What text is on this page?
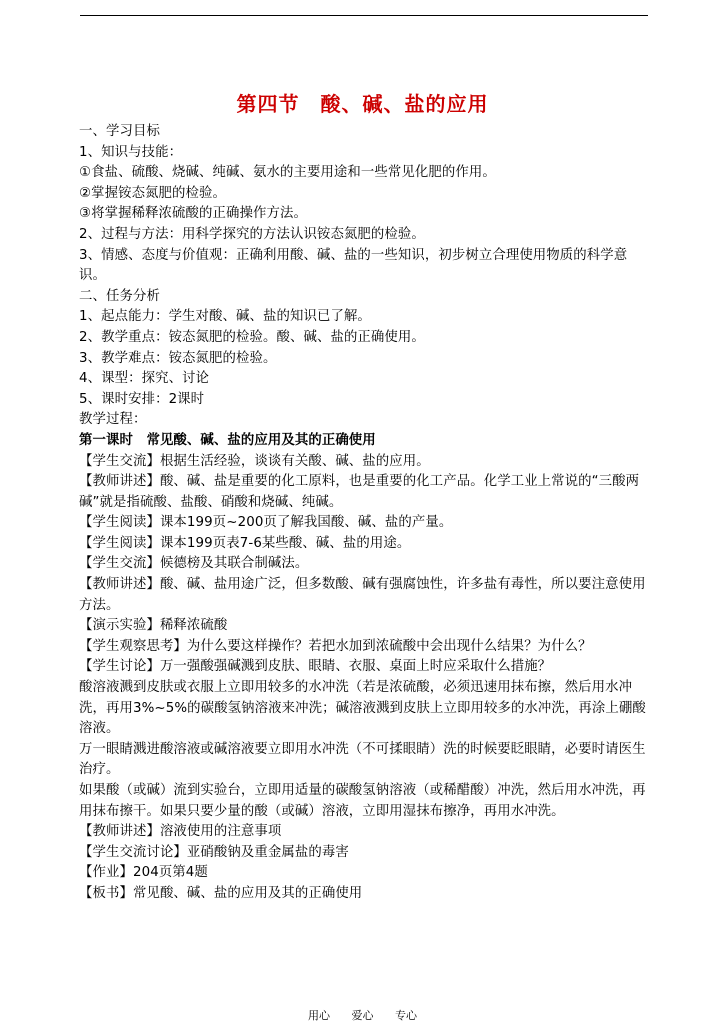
第四节　酸、碱、盐的应用

一、学习目标

1、知识与技能：

①食盐、硫酸、烧碱、纯碱、氨水的主要用途和一些常见化肥的作用。

②掌握铵态氮肥的检验。

③将掌握稀释浓硫酸的正确操作方法。

2、过程与方法：用科学探究的方法认识铵态氮肥的检验。

3、情感、态度与价值观：正确利用酸、碱、盐的一些知识，初步树立合理使用物质的科学意识。

二、任务分析

1、起点能力：学生对酸、碱、盐的知识已了解。

2、教学重点：铵态氮肥的检验。酸、碱、盐的正确使用。

3、教学难点：铵态氮肥的检验。

4、课型：探究、讨论

5、课时安排：2课时

教学过程：

第一课时　常见酸、碱、盐的应用及其的正确使用

【学生交流】根据生活经验，谈谈有关酸、碱、盐的应用。

【教师讲述】酸、碱、盐是重要的化工原料，也是重要的化工产品。化学工业上常说的“三酸两碱”就是指硫酸、盐酸、硝酸和烧碱、纯碱。

【学生阅读】课本199页~200页了解我国酸、碱、盐的产量。

【学生阅读】课本199页表7-6某些酸、碱、盐的用途。

【学生交流】候德榜及其联合制碱法。

【教师讲述】酸、碱、盐用途广泛，但多数酸、碱有强腐蚀性，许多盐有毒性，所以要注意使用方法。

【演示实验】稀释浓硫酸

【学生观察思考】为什么要这样操作？若把水加到浓硫酸中会出现什么结果？为什么？

【学生讨论】万一强酸强碱溅到皮肤、眼睛、衣服、桌面上时应采取什么措施？

酸溶液溅到皮肤或衣服上立即用较多的水冲洗（若是浓硫酸，必须迅速用抹布擦，然后用水冲洗，再用3%~5%的碳酸氢钠溶液来冲洗；碱溶液溅到皮肤上立即用较多的水冲洗，再涂上硼酸溶液。

万一眼睛溅进酸溶液或碱溶液要立即用水冲洗（不可揉眼睛）洗的时候要眨眼睛，必要时请医生治疗。

如果酸（或碱）流到实验台，立即用适量的碳酸氢钠溶液（或稀醋酸）冲洗，然后用水冲洗，再用抹布擦干。如果只要少量的酸（或碱）溶液，立即用湿抹布擦净，再用水冲洗。

【教师讲述】溶液使用的注意事项

【学生交流讨论】亚硝酸钠及重金属盐的毒害

【作业】204页第4题

【板书】常见酸、碱、盐的应用及其的正确使用

用心 爱心 专心
